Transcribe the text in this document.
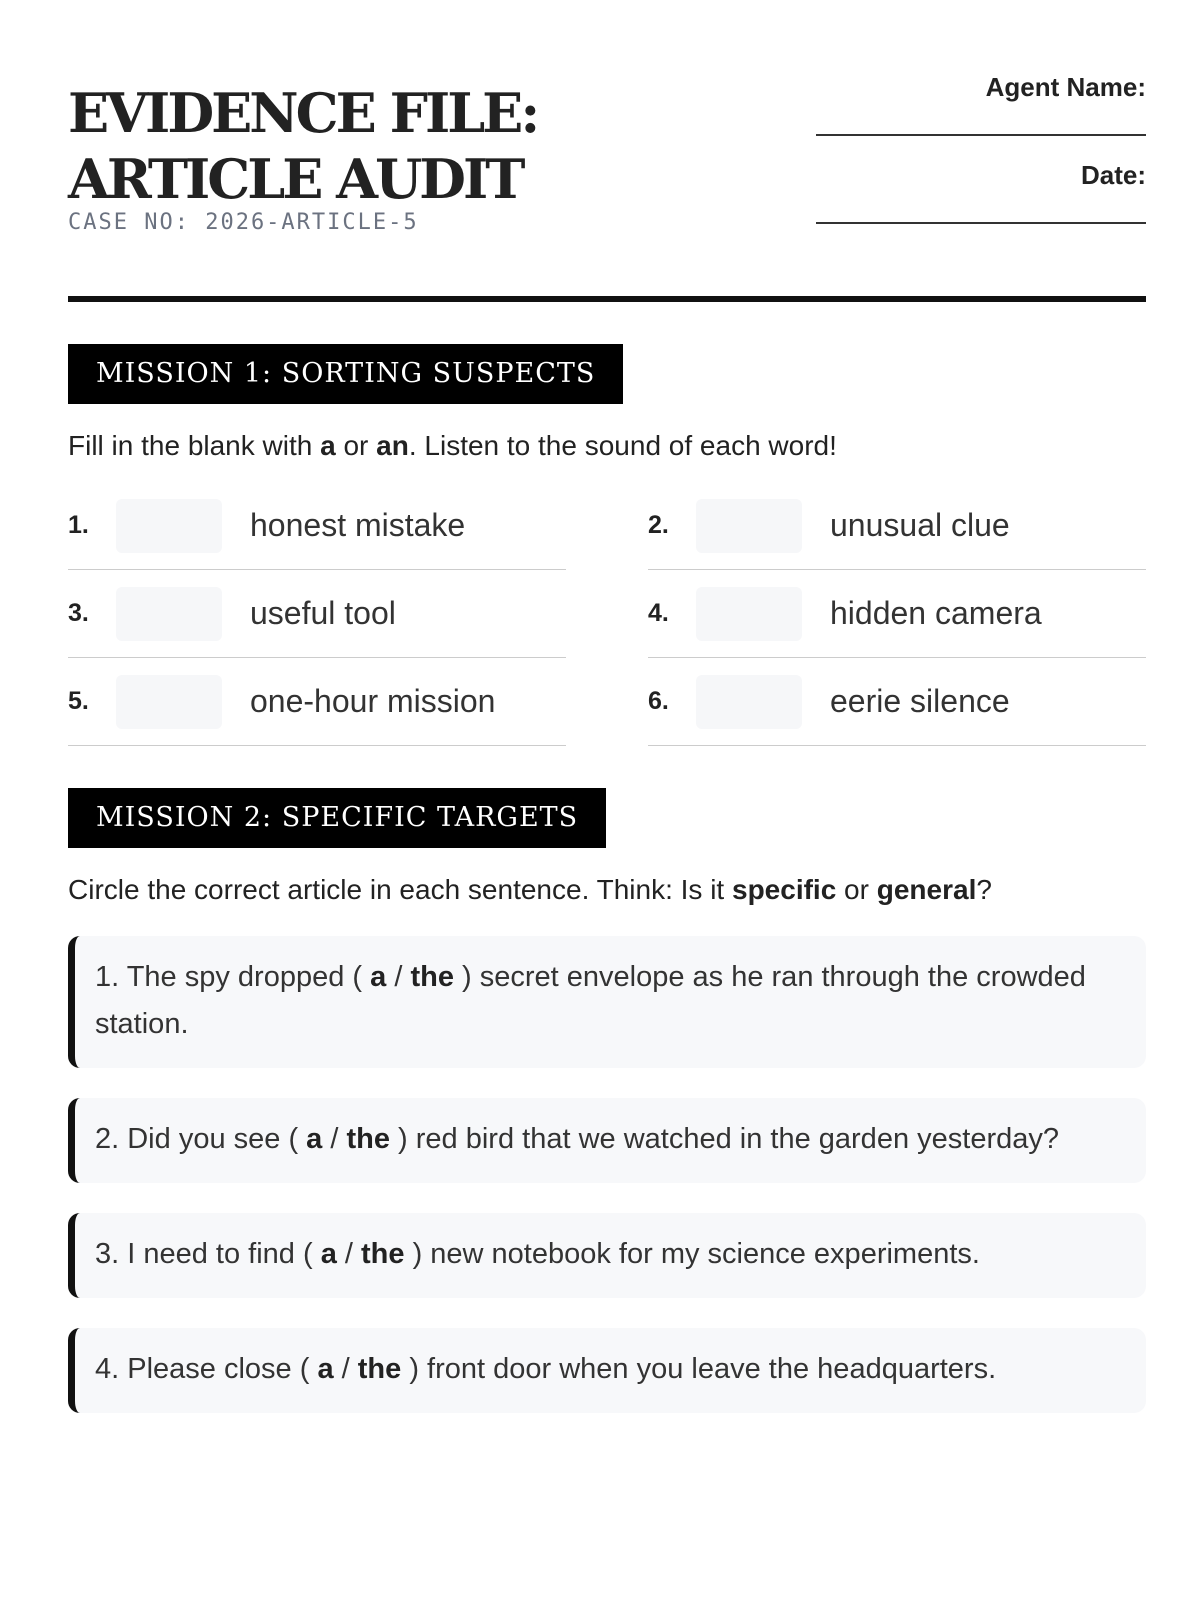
EVIDENCE FILE:
ARTICLE AUDIT
CASE NO: 2026-ARTICLE-5
Agent Name:
Date:
MISSION 1: SORTING SUSPECTS

Fill in the blank with a or an. Listen to the sound of each word!

1.	honest mistake	2.	unusual clue
3.	useful tool	4.	hidden camera
5.	one-hour mission	6.	eerie silence
MISSION 2: SPECIFIC TARGETS

Circle the correct article in each sentence. Think: Is it specific or general?

1. The spy dropped ( a / the ) secret envelope as he ran through the crowded station.
2. Did you see ( a / the ) red bird that we watched in the garden yesterday?
3. I need to find ( a / the ) new notebook for my science experiments.
4. Please close ( a / the ) front door when you leave the headquarters.
